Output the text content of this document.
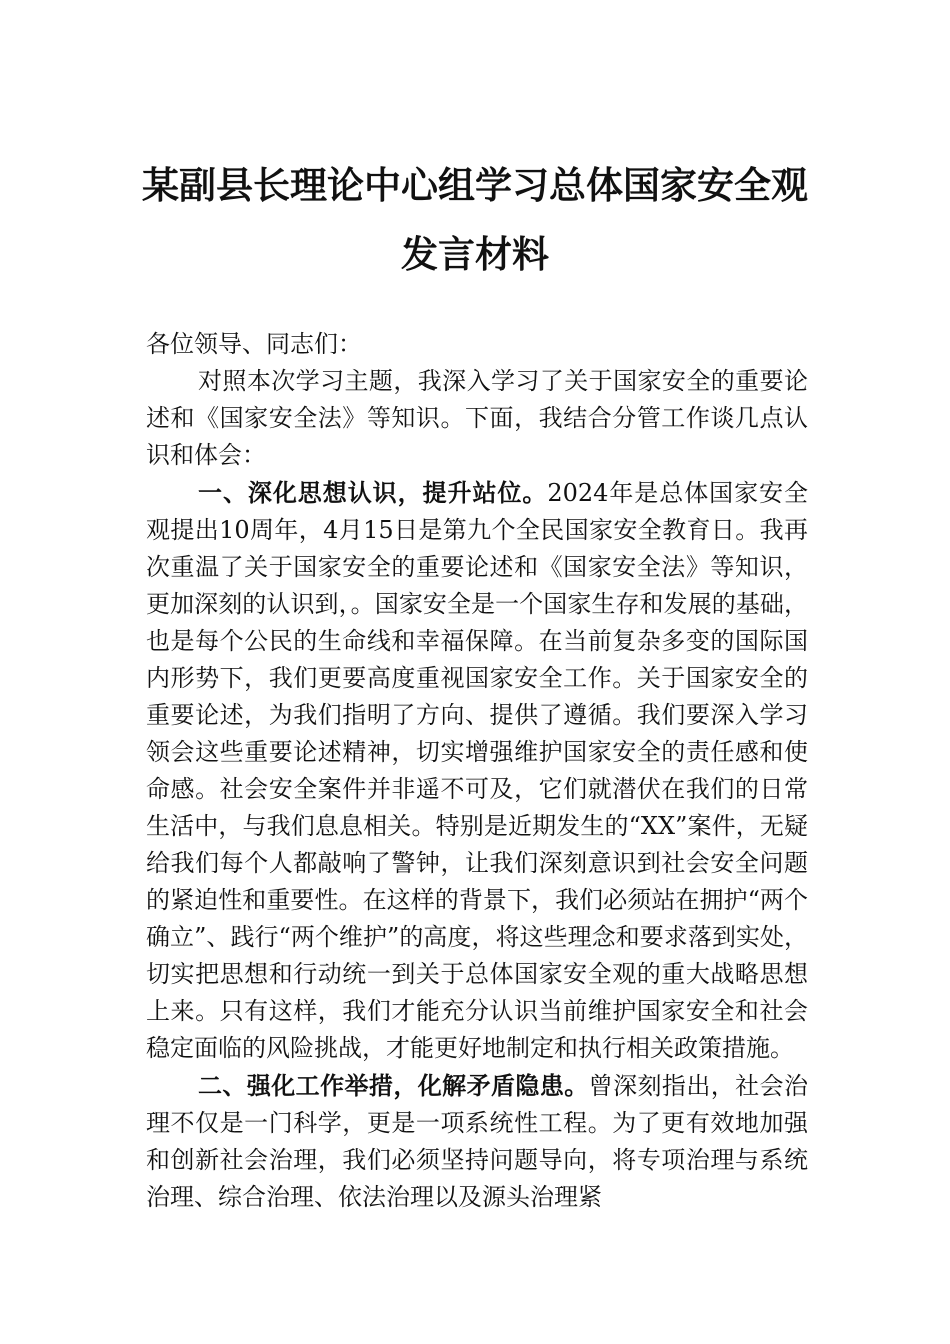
某副县长理论中心组学习总体国家安全观
发言材料

各位领导、同志们：

对照本次学习主题，我深入学习了关于国家安全的重要论述和《国家安全法》等知识。下面，我结合分管工作谈几点认识和体会：

一、深化思想认识，提升站位。2024年是总体国家安全观提出10周年，4月15日是第九个全民国家安全教育日。我再次重温了关于国家安全的重要论述和《国家安全法》等知识，更加深刻的认识到，。国家安全是一个国家生存和发展的基础，也是每个公民的生命线和幸福保障。在当前复杂多变的国际国内形势下，我们更要高度重视国家安全工作。关于国家安全的重要论述，为我们指明了方向、提供了遵循。我们要深入学习领会这些重要论述精神，切实增强维护国家安全的责任感和使命感。社会安全案件并非遥不可及，它们就潜伏在我们的日常生活中，与我们息息相关。特别是近期发生的“XX”案件，无疑给我们每个人都敲响了警钟，让我们深刻意识到社会安全问题的紧迫性和重要性。在这样的背景下，我们必须站在拥护“两个确立”、践行“两个维护”的高度，将这些理念和要求落到实处，切实把思想和行动统一到关于总体国家安全观的重大战略思想上来。只有这样，我们才能充分认识当前维护国家安全和社会稳定面临的风险挑战，才能更好地制定和执行相关政策措施。

二、强化工作举措，化解矛盾隐患。曾深刻指出，社会治理不仅是一门科学，更是一项系统性工程。为了更有效地加强和创新社会治理，我们必须坚持问题导向，将专项治理与系统治理、综合治理、依法治理以及源头治理紧
